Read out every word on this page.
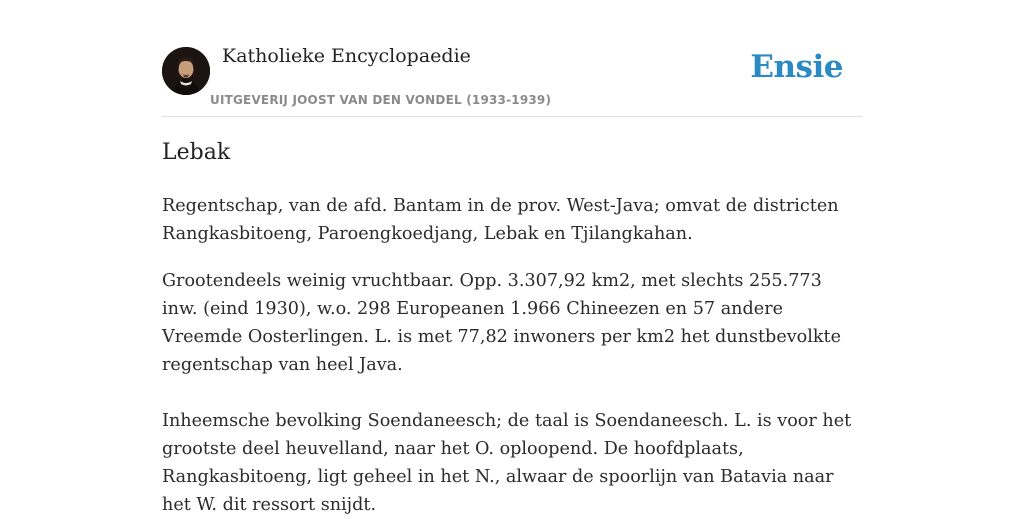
Katholieke Encyclopaedie
UITGEVERIJ JOOST VAN DEN VONDEL (1933-1939)
Ensie
Lebak

Regentschap, van de afd. Bantam in de prov. West-Java; omvat de districten Rangkasbitoeng, Paroengkoedjang, Lebak en Tjilangkahan.

Grootendeels weinig vruchtbaar. Opp. 3.307,92 km2, met slechts 255.773 inw. (eind 1930), w.o. 298 Europeanen 1.966 Chineezen en 57 andere Vreemde Oosterlingen. L. is met 77,82 inwoners per km2 het dunstbevolkte regentschap van heel Java.

Inheemsche bevolking Soendaneesch; de taal is Soendaneesch. L. is voor het grootste deel heuvelland, naar het O. oploopend. De hoofdplaats, Rangkasbitoeng, ligt geheel in het N., alwaar de spoorlijn van Batavia naar het W. dit ressort snijdt.
